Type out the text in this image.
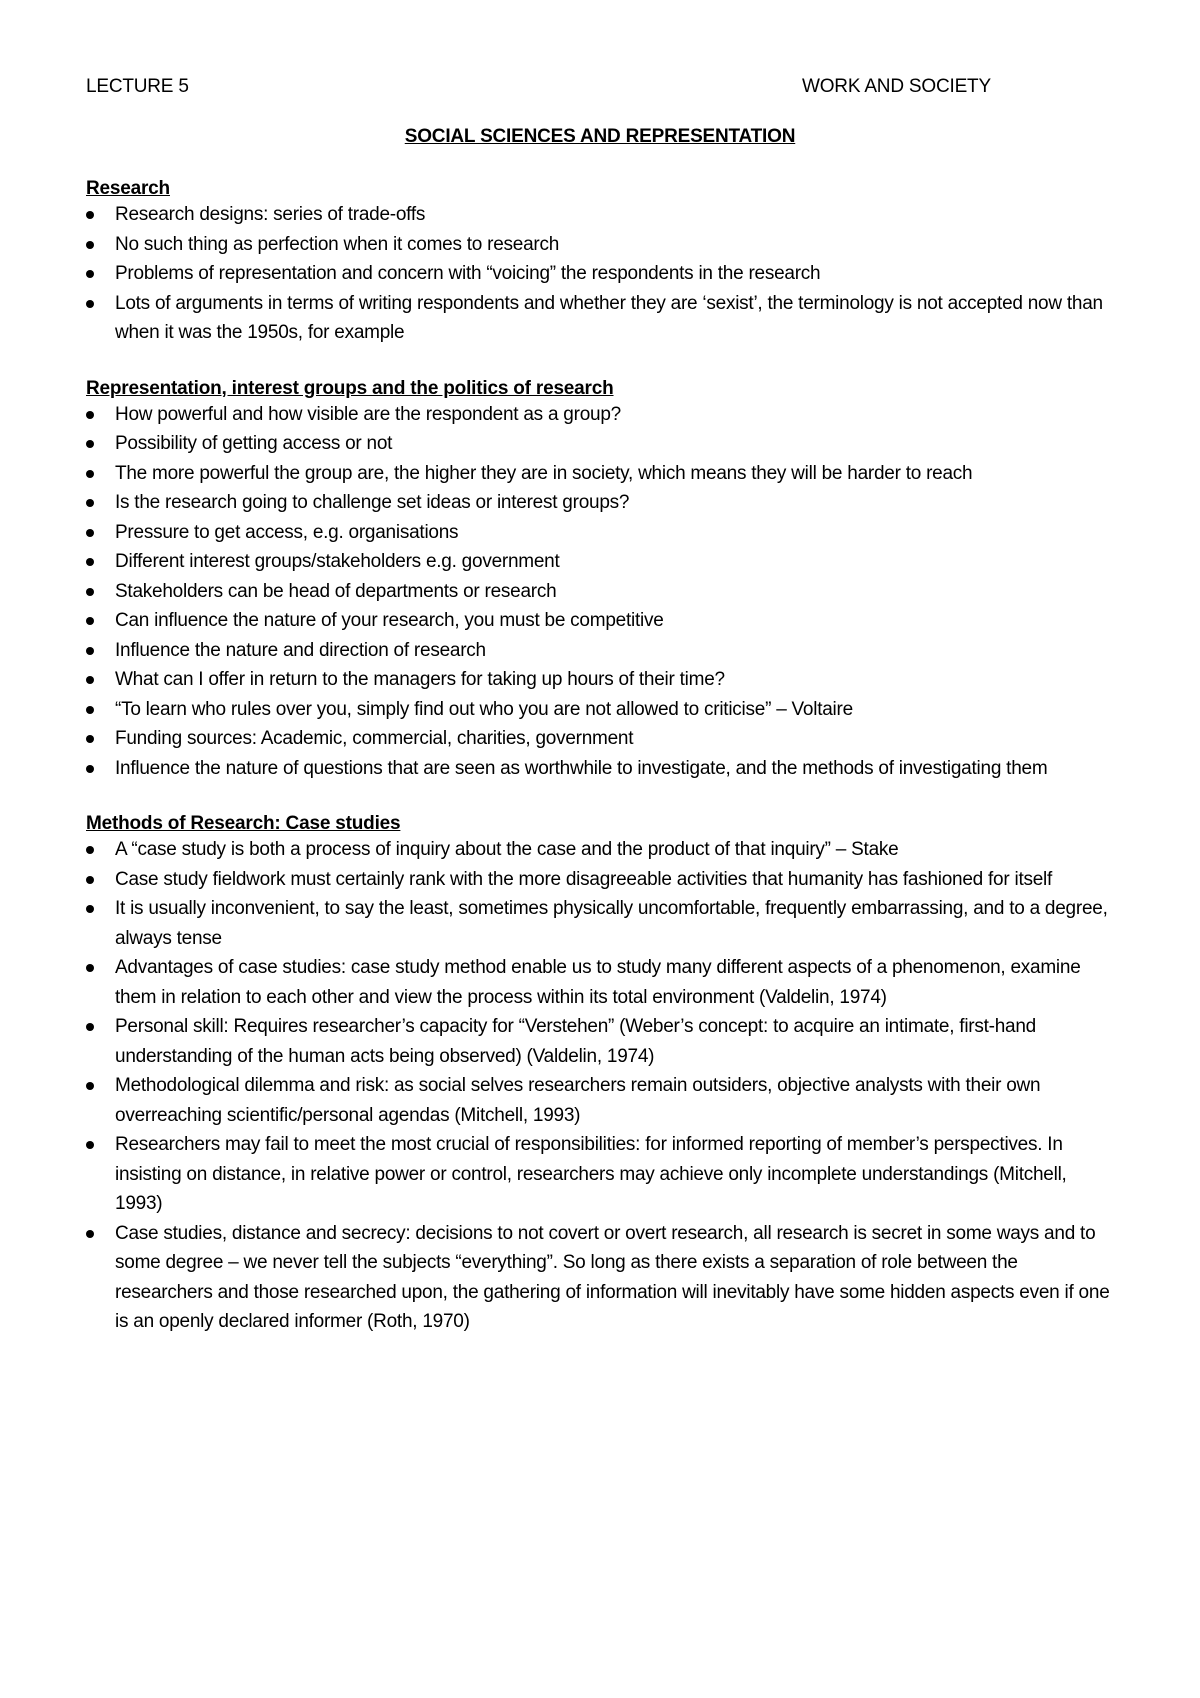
LECTURE 5	WORK AND SOCIETY
SOCIAL SCIENCES AND REPRESENTATION
Research
Research designs: series of trade-offs
No such thing as perfection when it comes to research
Problems of representation and concern with “voicing” the respondents in the research
Lots of arguments in terms of writing respondents and whether they are ‘sexist’, the terminology is not accepted now than when it was the 1950s, for example
Representation, interest groups and the politics of research
How powerful and how visible are the respondent as a group?
Possibility of getting access or not
The more powerful the group are, the higher they are in society, which means they will be harder to reach
Is the research going to challenge set ideas or interest groups?
Pressure to get access, e.g. organisations
Different interest groups/stakeholders e.g. government
Stakeholders can be head of departments or research
Can influence the nature of your research, you must be competitive
Influence the nature and direction of research
What can I offer in return to the managers for taking up hours of their time?
“To learn who rules over you, simply find out who you are not allowed to criticise” – Voltaire
Funding sources: Academic, commercial, charities, government
Influence the nature of questions that are seen as worthwhile to investigate, and the methods of investigating them
Methods of Research: Case studies
A “case study is both a process of inquiry about the case and the product of that inquiry” – Stake
Case study fieldwork must certainly rank with the more disagreeable activities that humanity has fashioned for itself
It is usually inconvenient, to say the least, sometimes physically uncomfortable, frequently embarrassing, and to a degree, always tense
Advantages of case studies: case study method enable us to study many different aspects of a phenomenon, examine them in relation to each other and view the process within its total environment (Valdelin, 1974)
Personal skill: Requires researcher’s capacity for “Verstehen” (Weber’s concept: to acquire an intimate, first-hand understanding of the human acts being observed) (Valdelin, 1974)
Methodological dilemma and risk: as social selves researchers remain outsiders, objective analysts with their own overreaching scientific/personal agendas (Mitchell, 1993)
Researchers may fail to meet the most crucial of responsibilities: for informed reporting of member’s perspectives. In insisting on distance, in relative power or control, researchers may achieve only incomplete understandings (Mitchell, 1993)
Case studies, distance and secrecy: decisions to not covert or overt research, all research is secret in some ways and to some degree – we never tell the subjects “everything”. So long as there exists a separation of role between the researchers and those researched upon, the gathering of information will inevitably have some hidden aspects even if one is an openly declared informer (Roth, 1970)
